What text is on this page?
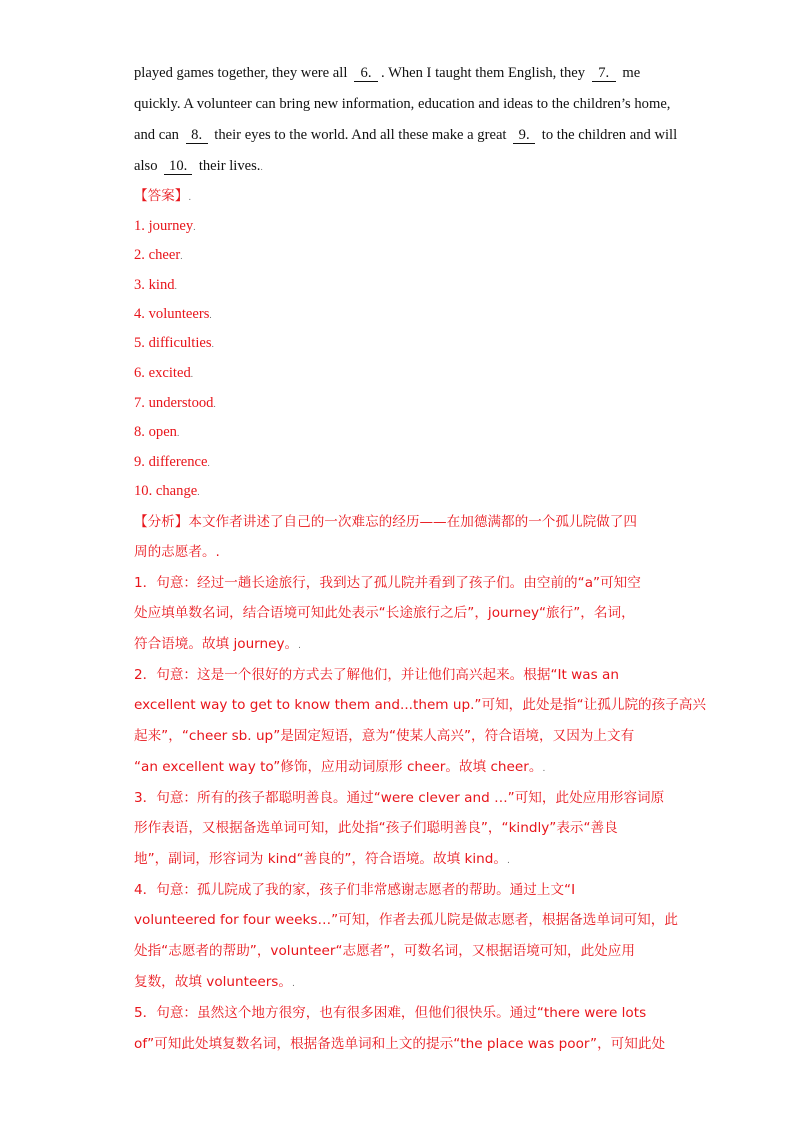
played games together, they were all 6. . When I taught them English, they 7. me
quickly. A volunteer can bring new information, education and ideas to the children’s home,
and can 8. their eyes to the world. And all these make a great 9. to the children and will
also 10. their lives..
【答案】.
1. journey.
2. cheer.
3. kind.
4. volunteers.
5. difficulties.
6. excited.
7. understood.
8. open.
9. difference.
10. change.
【分析】本文作者讲述了自己的一次难忘的经历——在加德满都的一个孤儿院做了四
周的志愿者。.
1．句意：经过一趟长途旅行，我到达了孤儿院并看到了孩子们。由空前的“a”可知空
处应填单数名词，结合语境可知此处表示“长途旅行之后”，journey“旅行”，名词，
符合语境。故填 journey。.
2．句意：这是一个很好的方式去了解他们，并让他们高兴起来。根据“It was an
excellent way to get to know them and...them up.”可知，此处是指“让孤儿院的孩子高兴
起来”，“cheer sb. up”是固定短语，意为“使某人高兴”，符合语境，又因为上文有
“an excellent way to”修饰，应用动词原形 cheer。故填 cheer。.
3．句意：所有的孩子都聪明善良。通过“were clever and …”可知，此处应用形容词原
形作表语，又根据备选单词可知，此处指“孩子们聪明善良”，“kindly”表示“善良
地”，副词，形容词为 kind“善良的”，符合语境。故填 kind。.
4．句意：孤儿院成了我的家，孩子们非常感谢志愿者的帮助。通过上文“I
volunteered for four weeks…”可知，作者去孤儿院是做志愿者，根据备选单词可知，此
处指“志愿者的帮助”，volunteer“志愿者”，可数名词，又根据语境可知，此处应用
复数，故填 volunteers。.
5．句意：虽然这个地方很穷，也有很多困难，但他们很快乐。通过“there were lots
of”可知此处填复数名词，根据备选单词和上文的提示“the place was poor”，可知此处
